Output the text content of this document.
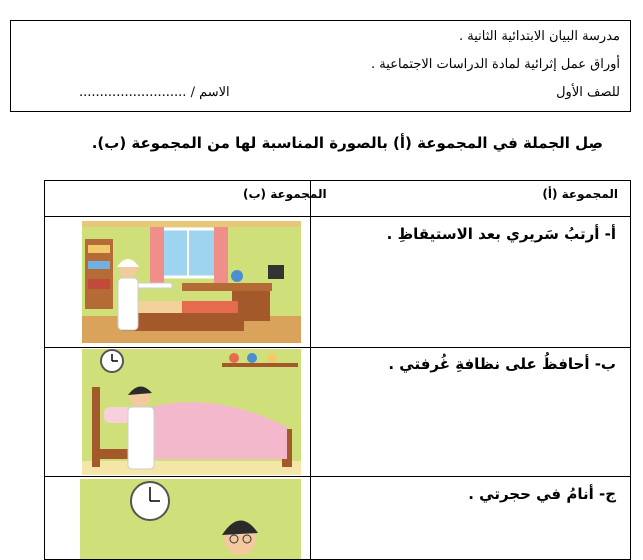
مدرسة البيان الابتدائية الثانية .
أوراق عمل إثرائية لمادة الدراسات الاجتماعية .
للصف الأول
الاسم / ..........................
صِل الجملة في المجموعة (أ) بالصورة المناسبة لها من المجموعة (ب).
المجموعة (أ)
المجموعة (ب)
أ- أرتبُ سَريري بعد الاستيقاظِ .
ب- أحافظُ على نظافةِ غُرفتي .
ج- أنامُ في حجرتي .
